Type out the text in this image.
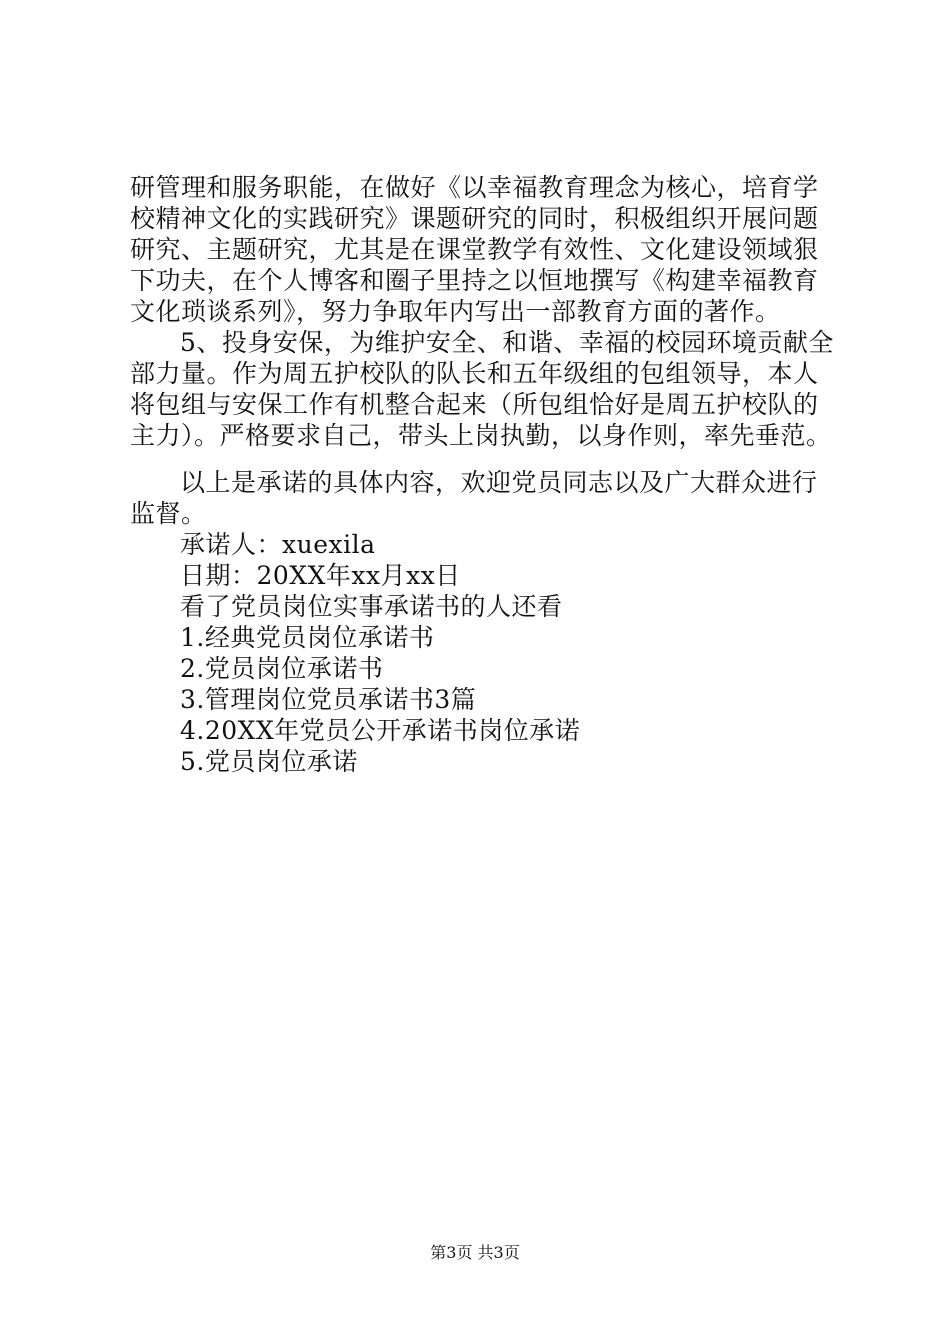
研管理和服务职能，在做好《以幸福教育理念为核心，培育学
校精神文化的实践研究》课题研究的同时，积极组织开展问题
研究、主题研究，尤其是在课堂教学有效性、文化建设领域狠
下功夫，在个人博客和圈子里持之以恒地撰写《构建幸福教育
文化琐谈系列》，努力争取年内写出一部教育方面的著作。
5、投身安保，为维护安全、和谐、幸福的校园环境贡献全
部力量。作为周五护校队的队长和五年级组的包组领导，本人
将包组与安保工作有机整合起来（所包组恰好是周五护校队的
主力）。严格要求自己，带头上岗执勤，以身作则，率先垂范。
以上是承诺的具体内容，欢迎党员同志以及广大群众进行
监督。
承诺人：xuexila
日期：20XX年xx月xx日
看了党员岗位实事承诺书的人还看
1.经典党员岗位承诺书
2.党员岗位承诺书
3.管理岗位党员承诺书3篇
4.20XX年党员公开承诺书岗位承诺
5.党员岗位承诺
第3页 共3页
